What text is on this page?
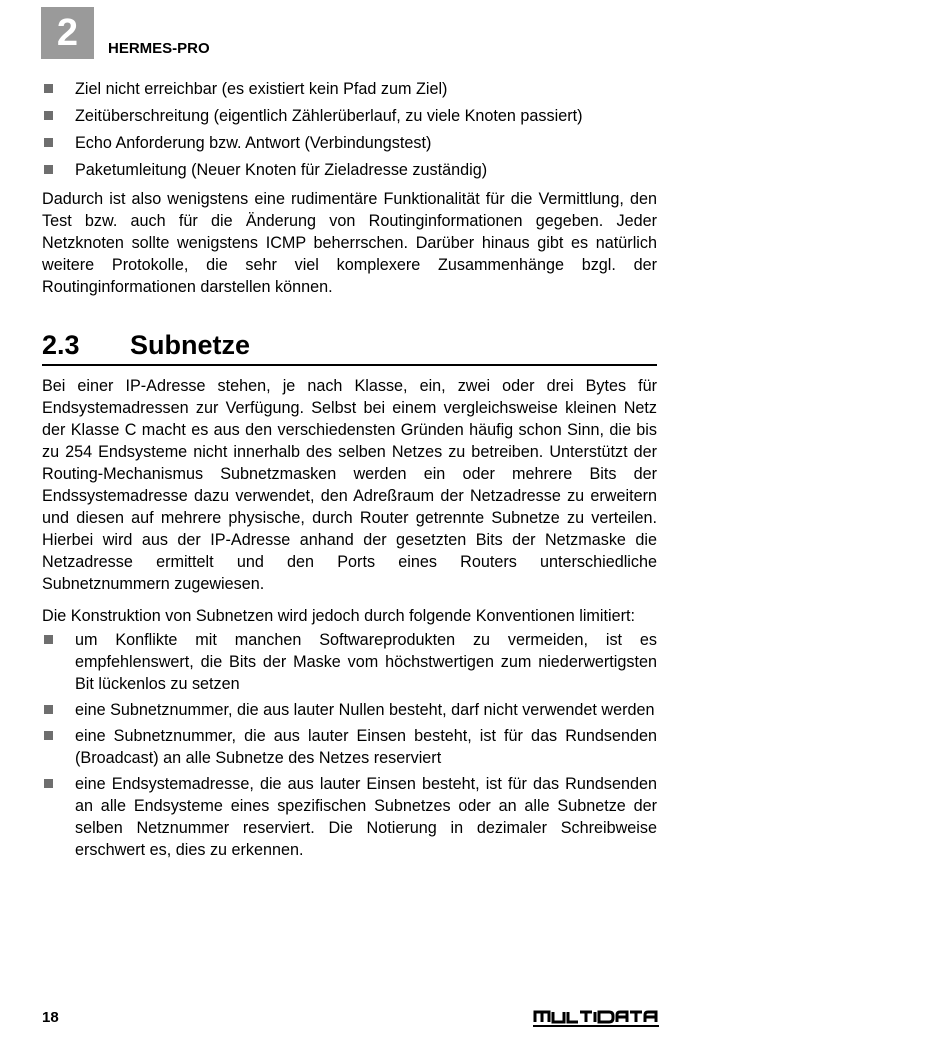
2	HERMES-PRO
Ziel nicht erreichbar (es existiert kein Pfad zum Ziel)
Zeitüberschreitung (eigentlich Zählerüberlauf, zu viele Knoten passiert)
Echo Anforderung bzw. Antwort (Verbindungstest)
Paketumleitung (Neuer Knoten für Zieladresse zuständig)

Dadurch ist also wenigstens eine rudimentäre Funktionalität für die Vermittlung, den Test bzw. auch für die Änderung von Routinginformationen gegeben. Jeder Netzknoten sollte wenigstens ICMP beherrschen. Darüber hinaus gibt es natürlich weitere Protokolle, die sehr viel komplexere Zusammenhänge bzgl. der Routinginformationen darstellen können.

2.3	Subnetze

Bei einer IP-Adresse stehen, je nach Klasse, ein, zwei oder drei Bytes für Endsystemadressen zur Verfügung. Selbst bei einem vergleichsweise kleinen Netz der Klasse C macht es aus den verschiedensten Gründen häufig schon Sinn, die bis zu 254 Endsysteme nicht innerhalb des selben Netzes zu betreiben. Unterstützt der Routing-Mechanismus Subnetzmasken werden ein oder mehrere Bits der Endssystemadresse dazu verwendet, den Adreßraum der Netzadresse zu erweitern und diesen auf mehrere physische, durch Router getrennte Subnetze zu verteilen. Hierbei wird aus der IP-Adresse anhand der gesetzten Bits der Netzmaske die Netzadresse ermittelt und den Ports eines Routers unterschiedliche Subnetznummern zugewiesen.

Die Konstruktion von Subnetzen wird jedoch durch folgende Konventionen limitiert:

um Konflikte mit manchen Softwareprodukten zu vermeiden, ist es empfehlenswert, die Bits der Maske vom höchstwertigen zum niederwertigsten Bit lückenlos zu setzen
eine Subnetznummer, die aus lauter Nullen besteht, darf nicht verwendet werden
eine Subnetznummer, die aus lauter Einsen besteht, ist für das Rundsenden (Broadcast) an alle Subnetze des Netzes reserviert
eine Endsystemadresse, die aus lauter Einsen besteht, ist für das Rundsenden an alle Endsysteme eines spezifischen Subnetzes oder an alle Subnetze der selben Netznummer reserviert. Die Notierung in dezimaler Schreibweise erschwert es, dies zu erkennen.
18
